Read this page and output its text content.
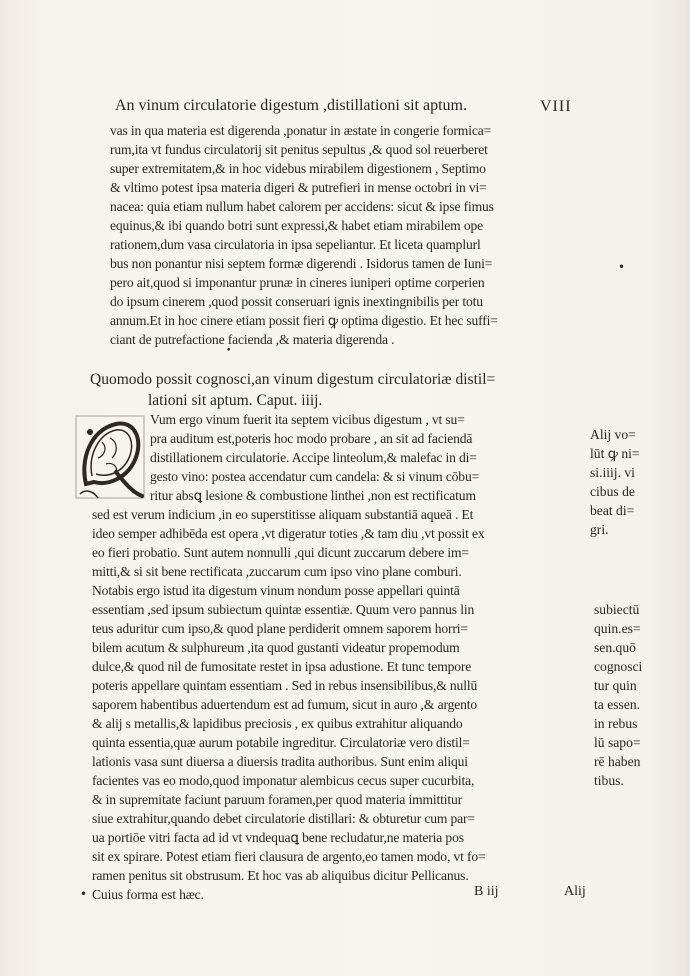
An vinum circulatorie digestum ,distillationi sit aptum.	VIII
vas in qua materia est digerenda ,ponatur in æstate in congerie formica=
rum,ita vt fundus circulatorij sit penitus sepultus ,& quod sol reuerberet
super extremitatem,& in hoc videbus mirabilem digestionem , Septimo
& vltimo potest ipsa materia digeri & putrefieri in mense octobri in vi=
nacea: quia etiam nullum habet calorem per accidens: sicut & ipse fimus
equinus,& ibi quando botri sunt expressi,& habet etiam mirabilem ope
rationem,dum vasa circulatoria in ipsa sepeliantur. Et liceta quamplurl
bus non ponantur nisi septem formæ digerendi . Isidorus tamen de Iuni=
pero ait,quod si imponantur prunæ in cineres iuniperi optime corperien
do ipsum cinerem ,quod possit conseruari ignis inextingnibilis per totu
annum.Et in hoc cinere etiam possit fieri ꝙ optima digestio. Et hec suffi=
ciant de putrefactione facienda ,& materia digerenda .
•
•
Quomodo possit cognosci,an vinum digestum circulatoriæ distil=
lationi sit aptum. Caput. iiij.
Vum ergo vinum fuerit ita septem vicibus digestum , vt su=
pra auditum est,poteris hoc modo probare , an sit ad faciendā
distillationem circulatorie. Accipe linteolum,& malefac in di=
gesto vino: postea accendatur cum candela: & si vinum cōbu=
ritur absꝗ lesione & combustione linthei ,non est rectificatum
sed est verum indicium ,in eo superstitisse aliquam substantiā aqueā . Et
ideo semper adhibēda est opera ,vt digeratur toties ,& tam diu ,vt possit ex
eo fieri probatio. Sunt autem nonnulli ,qui dicunt zuccarum debere im=
mitti,& si sit bene rectificata ,zuccarum cum ipso vino plane comburi.
Notabis ergo istud ita digestum vinum nondum posse appellari quintā
essentiam ,sed ipsum subiectum quintæ essentiæ. Quum vero pannus lin
teus aduritur cum ipso,& quod plane perdiderit omnem saporem horri=
bilem acutum & sulphureum ,ita quod gustanti videatur propemodum
dulce,& quod nil de fumositate restet in ipsa adustione. Et tunc tempore
poteris appellare quintam essentiam . Sed in rebus insensibilibus,& nullū
saporem habentibus aduertendum est ad fumum, sicut in auro ,& argento
& alij s metallis,& lapidibus preciosis , ex quibus extrahitur aliquando
quinta essentia,quæ aurum potabile ingreditur. Circulatoriæ vero distil=
lationis vasa sunt diuersa a diuersis tradita authoribus. Sunt enim aliqui
facientes vas eo modo,quod imponatur alembicus cecus super cucurbita,
& in supremitate faciunt paruum foramen,per quod materia immittitur
siue extrahitur,quando debet circulatorie distillari: & obturetur cum par=
ua portiōe vitri facta ad id vt vndequaꝗ bene recludatur,ne materia pos
sit ex spirare. Potest etiam fieri clausura de argento,eo tamen modo, vt fo=
ramen penitus sit obstrusum. Et hoc vas ab aliquibus dicitur Pellicanus.
Cuius forma est hæc.
Alij vo=
lūt ꝙ ni=
si.iiij. vi
cibus de
beat di=
gri.
subiectū
quin.es=
sen.quō
cognosci
tur quin
ta essen.
in rebus
lū sapo=
rē haben
tibus.
•	B iij	Alij
